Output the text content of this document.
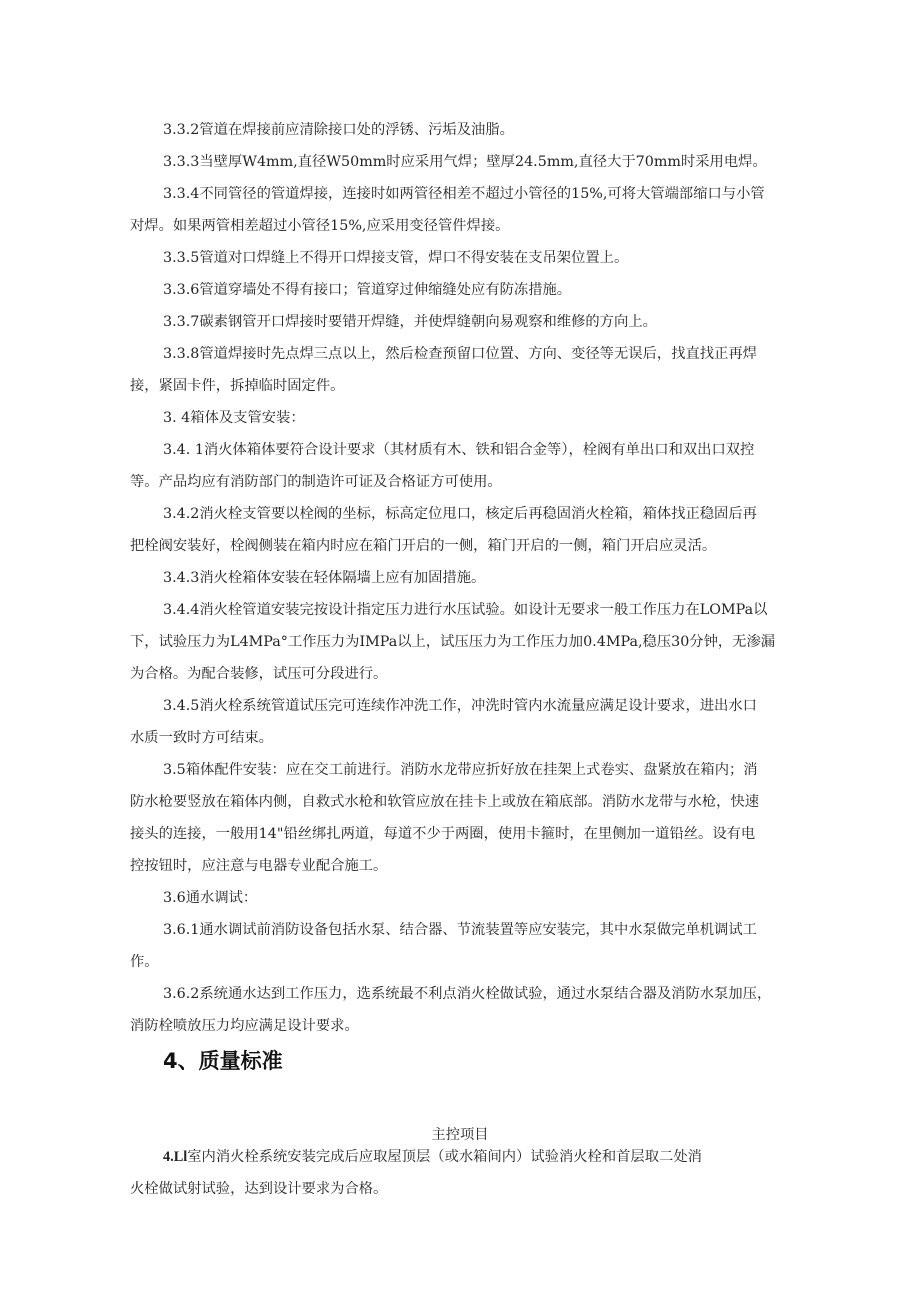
3.3.2管道在焊接前应清除接口处的浮锈、污垢及油脂。
3.3.3当壁厚W4mm,直径W50mm时应采用气焊；壁厚24.5mm,直径大于70mm时采用电焊。
3.3.4不同管径的管道焊接，连接时如两管径相差不超过小管径的15%,可将大管端部缩口与小管
对焊。如果两管相差超过小管径15%,应采用变径管件焊接。
3.3.5管道对口焊缝上不得开口焊接支管，焊口不得安装在支吊架位置上。
3.3.6管道穿墙处不得有接口；管道穿过伸缩缝处应有防冻措施。
3.3.7碳素钢管开口焊接时要错开焊缝，并使焊缝朝向易观察和维修的方向上。
3.3.8管道焊接时先点焊三点以上，然后检查预留口位置、方向、变径等无误后，找直找正再焊
接，紧固卡件，拆掉临时固定件。
3. 4箱体及支管安装：
3.4. 1消火体箱体要符合设计要求（其材质有木、铁和铝合金等），栓阀有单出口和双出口双控
等。产品均应有消防部门的制造许可证及合格证方可使用。
3.4.2消火栓支管要以栓阀的坐标，标高定位甩口，核定后再稳固消火栓箱，箱体找正稳固后再
把栓阀安装好，栓阀侧装在箱内时应在箱门开启的一侧，箱门开启的一侧，箱门开启应灵活。
3.4.3消火栓箱体安装在轻体隔墙上应有加固措施。
3.4.4消火栓管道安装完按设计指定压力进行水压试验。如设计无要求一般工作压力在LOMPa以
下，试验压力为L4MPa°工作压力为IMPa以上，试压压力为工作压力加0.4MPa,稳压30分钟，无渗漏
为合格。为配合装修，试压可分段进行。
3.4.5消火栓系统管道试压完可连续作冲洗工作，冲洗时管内水流量应满足设计要求，进出水口
水质一致时方可结束。
3.5箱体配件安装：应在交工前进行。消防水龙带应折好放在挂架上式卷实、盘紧放在箱内；消
防水枪要竖放在箱体内侧，自救式水枪和软管应放在挂卡上或放在箱底部。消防水龙带与水枪，快速
接头的连接，一般用14"铅丝绑扎两道，每道不少于两圈，使用卡箍时，在里侧加一道铅丝。设有电
控按钮时，应注意与电器专业配合施工。
3.6通水调试：
3.6.1通水调试前消防设备包括水泵、结合器、节流装置等应安装完，其中水泵做完单机调试工
作。
3.6.2系统通水达到工作压力，选系统最不利点消火栓做试验，通过水泵结合器及消防水泵加压，
消防栓喷放压力均应满足设计要求。
4、质量标准
主控项目
4.Ll室内消火栓系统安装完成后应取屋顶层（或水箱间内）试验消火栓和首层取二处消
火栓做试射试验，达到设计要求为合格。
